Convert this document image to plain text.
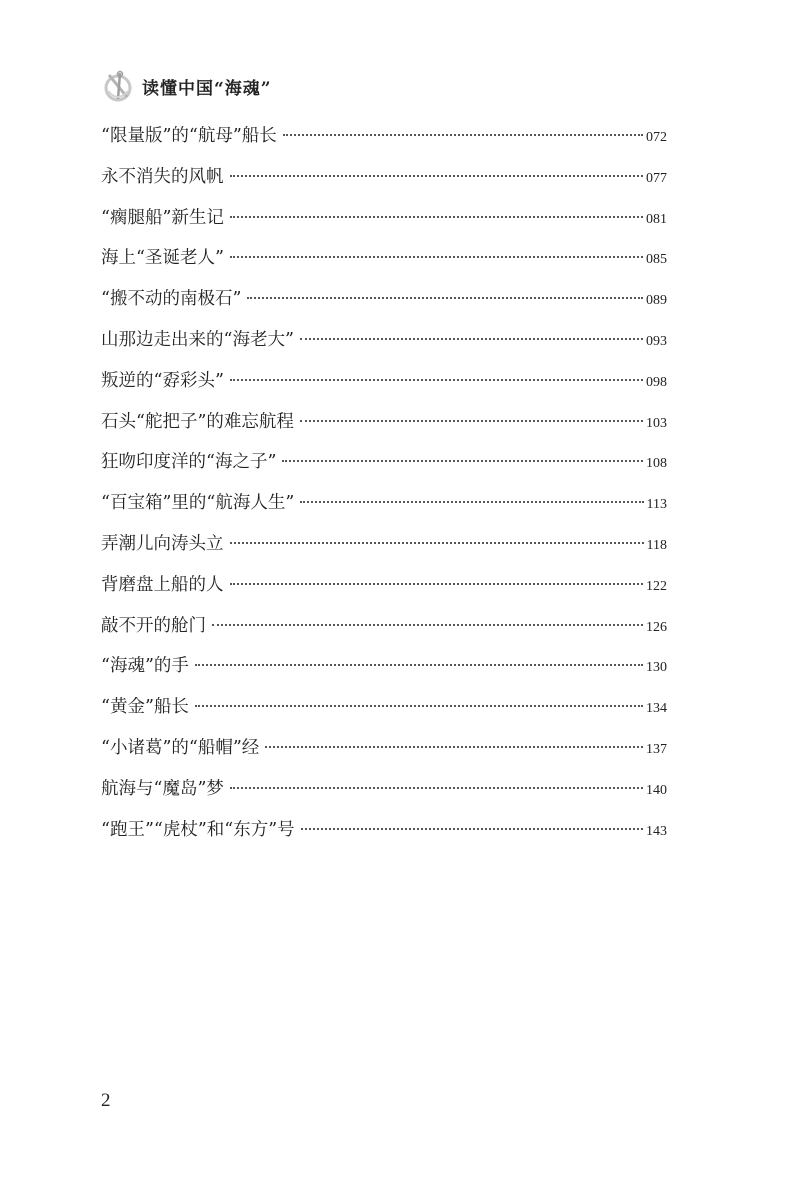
读懂中国“海魂”
“限量版”的“航母”船长	072
永不消失的风帆	077
“瘸腿船”新生记	081
海上“圣诞老人”	085
“搬不动的南极石”	089
山那边走出来的“海老大”	093
叛逆的“孬彩头”	098
石头“舵把子”的难忘航程	103
狂吻印度洋的“海之子”	108
“百宝箱”里的“航海人生”	113
弄潮儿向涛头立	118
背磨盘上船的人	122
敲不开的舱门	126
“海魂”的手	130
“黄金”船长	134
“小诸葛”的“船帽”经	137
航海与“魔岛”梦	140
“跑王”“虎杖”和“东方”号	143
2
